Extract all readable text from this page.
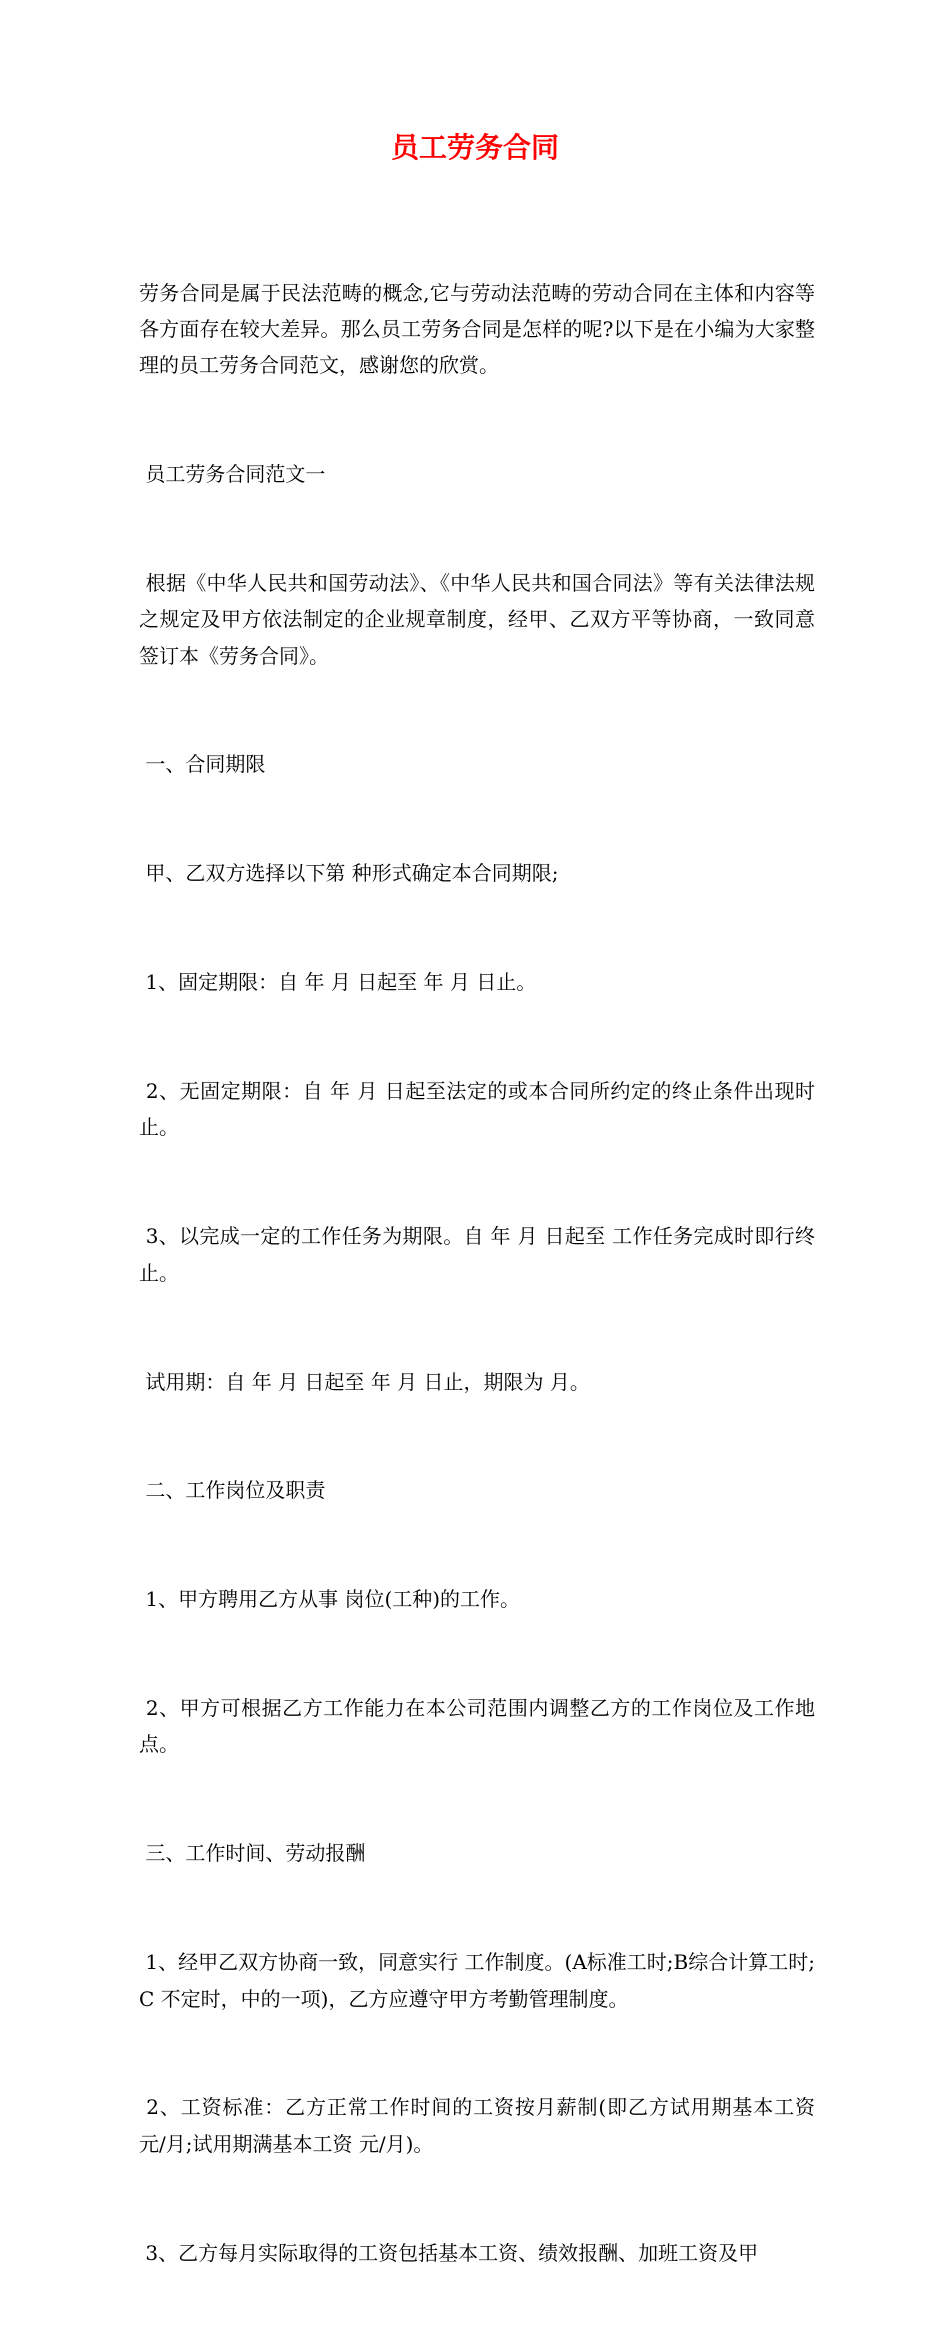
员工劳务合同

劳务合同是属于民法范畴的概念,它与劳动法范畴的劳动合同在主体和内容等各方面存在较大差异。那么员工劳务合同是怎样的呢?以下是在小编为大家整理的员工劳务合同范文，感谢您的欣赏。

员工劳务合同范文一

根据《中华人民共和国劳动法》、《中华人民共和国合同法》等有关法律法规之规定及甲方依法制定的企业规章制度，经甲、乙双方平等协商，一致同意签订本《劳务合同》。

一、合同期限

甲、乙双方选择以下第 种形式确定本合同期限;

1、固定期限：自 年 月 日起至 年 月 日止。

2、无固定期限：自 年 月 日起至法定的或本合同所约定的终止条件出现时止。

3、以完成一定的工作任务为期限。自 年 月 日起至 工作任务完成时即行终止。

试用期：自 年 月 日起至 年 月 日止，期限为 月。

二、工作岗位及职责

1、甲方聘用乙方从事 岗位(工种)的工作。

2、甲方可根据乙方工作能力在本公司范围内调整乙方的工作岗位及工作地点。

三、工作时间、劳动报酬

1、经甲乙双方协商一致，同意实行 工作制度。(A标准工时;B综合计算工时;C 不定时，中的一项)，乙方应遵守甲方考勤管理制度。

2、工资标准：乙方正常工作时间的工资按月薪制(即乙方试用期基本工资 元/月;试用期满基本工资 元/月)。

3、乙方每月实际取得的工资包括基本工资、绩效报酬、加班工资及甲
